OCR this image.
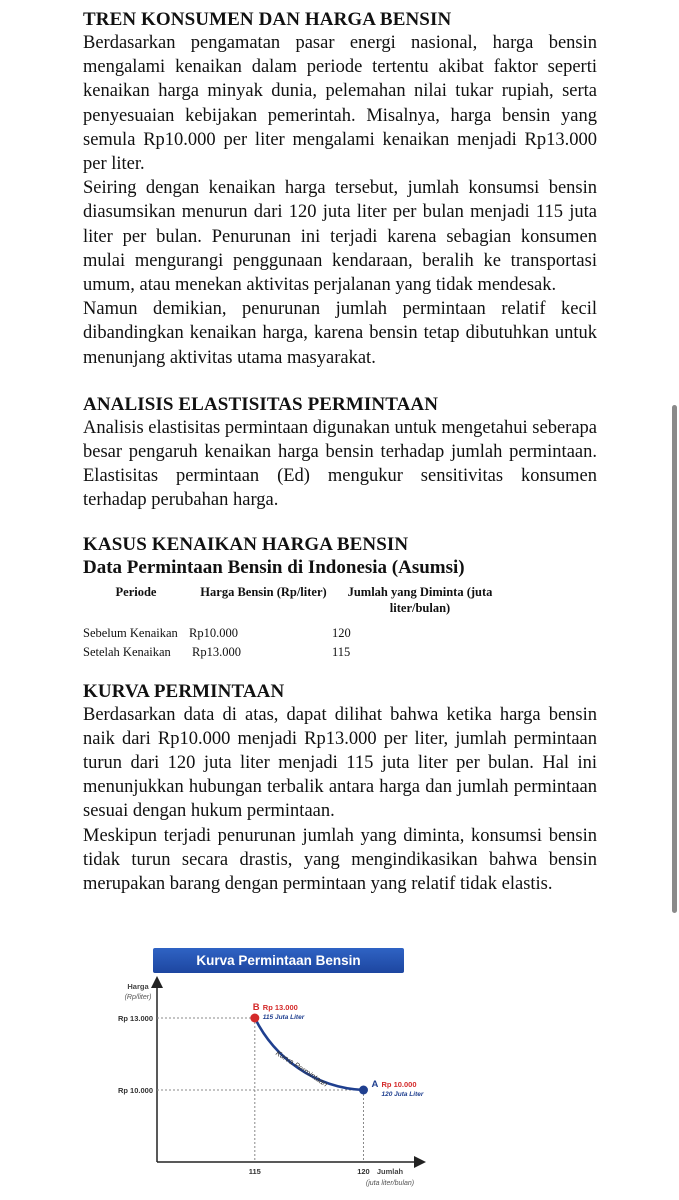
TREN KONSUMEN DAN HARGA BENSIN

Berdasarkan pengamatan pasar energi nasional, harga bensin mengalami kenaikan dalam periode tertentu akibat faktor seperti kenaikan harga minyak dunia, pelemahan nilai tukar rupiah, serta penyesuaian kebijakan pemerintah. Misalnya, harga bensin yang semula Rp10.000 per liter mengalami kenaikan menjadi Rp13.000 per liter.

Seiring dengan kenaikan harga tersebut, jumlah konsumsi bensin diasumsikan menurun dari 120 juta liter per bulan menjadi 115 juta liter per bulan. Penurunan ini terjadi karena sebagian konsumen mulai mengurangi penggunaan kendaraan, beralih ke transportasi umum, atau menekan aktivitas perjalanan yang tidak mendesak.

Namun demikian, penurunan jumlah permintaan relatif kecil dibandingkan kenaikan harga, karena bensin tetap dibutuhkan untuk menunjang aktivitas utama masyarakat.

ANALISIS ELASTISITAS PERMINTAAN

Analisis elastisitas permintaan digunakan untuk mengetahui seberapa besar pengaruh kenaikan harga bensin terhadap jumlah permintaan. Elastisitas permintaan (Ed) mengukur sensitivitas konsumen terhadap perubahan harga.

KASUS KENAIKAN HARGA BENSIN
Data Permintaan Bensin di Indonesia (Asumsi)
Periode	Harga Bensin (Rp/liter)	Jumlah yang Diminta (juta liter/bulan)
Sebelum Kenaikan	Rp10.000	120
Setelah Kenaikan	Rp13.000	115
KURVA PERMINTAAN

Berdasarkan data di atas, dapat dilihat bahwa ketika harga bensin naik dari Rp10.000 menjadi Rp13.000 per liter, jumlah permintaan turun dari 120 juta liter menjadi 115 juta liter per bulan. Hal ini menunjukkan hubungan terbalik antara harga dan jumlah permintaan sesuai dengan hukum permintaan.

Meskipun terjadi penurunan jumlah yang diminta, konsumsi bensin tidak turun secara drastis, yang mengindikasikan bahwa bensin merupakan barang dengan permintaan yang relatif tidak elastis.

Kurva Permintaan Bensin
Harga
(Rp/liter)
Jumlah
(juta liter/bulan)
Rp 10.000
Rp 13.000
115	120
Kurva Permintaan
B Rp 13.000
115 Juta Liter
A Rp 10.000
120 Juta Liter
